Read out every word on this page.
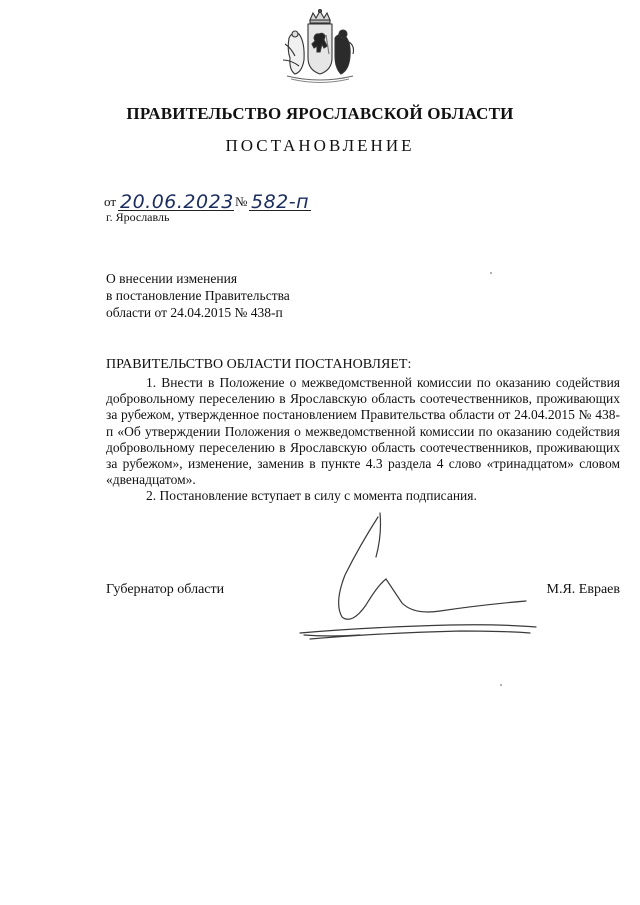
ПРАВИТЕЛЬСТВО ЯРОСЛАВСКОЙ ОБЛАСТИ
ПОСТАНОВЛЕНИЕ
от 20.06.2023 № 582-п
г. Ярославль
О внесении изменения
в постановление Правительства
области от 24.04.2015 № 438-п
ПРАВИТЕЛЬСТВО ОБЛАСТИ ПОСТАНОВЛЯЕТ:

1. Внести в Положение о межведомственной комиссии по оказанию содействия добровольному переселению в Ярославскую область соотечественников, проживающих за рубежом, утвержденное постановлением Правительства области от 24.04.2015 № 438-п «Об утверждении Положения о межведомственной комиссии по оказанию содействия добровольному переселению в Ярославскую область соотечественников, проживающих за рубежом», изменение, заменив в пункте 4.3 раздела 4 слово «тринадцатом» словом «двенадцатом».

2. Постановление вступает в силу с момента подписания.

Губернатор области	М.Я. Евраев
